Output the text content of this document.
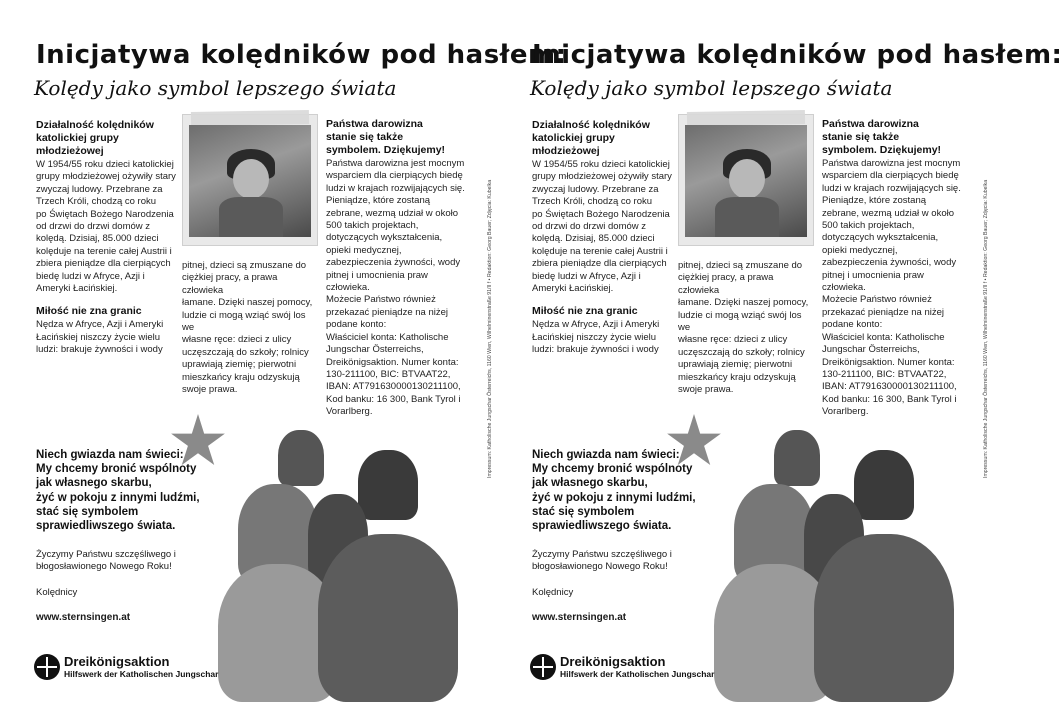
Inicjatywa kolędników pod hasłem:
Kolędy jako symbol lepszego świata
Działalność kolędników
katolickiej grupy
młodzieżowej
W 1954/55 roku dzieci katolickiej
grupy młodzieżowej ożywiły stary
zwyczaj ludowy. Przebrane za
Trzech Króli, chodzą co roku
po Świętach Bożego Narodzenia
od drzwi do drzwi domów z
kolędą. Dzisiaj, 85.000 dzieci
kolęduje na terenie całej Austrii i
zbiera pieniądze dla cierpiących
biedę ludzi w Afryce, Azji i
Ameryki Łacińskiej.
Miłość nie zna granic
Nędza w Afryce, Azji i Ameryki
Łacińskiej niszczy życie wielu
ludzi: brakuje żywności i wody
pitnej, dzieci są zmuszane do
ciężkiej pracy, a prawa człowieka
łamane. Dzięki naszej pomocy,
ludzie ci mogą wziąć swój los we
własne ręce: dzieci z ulicy
uczęszczają do szkoły; rolnicy
uprawiają ziemię; pierwotni
mieszkańcy kraju odzyskują
swoje prawa.
Państwa darowizna
stanie się także
symbolem. Dziękujemy!
Państwa darowizna jest mocnym
wsparciem dla cierpiących biedę
ludzi w krajach rozwijających się.
Pieniądze, które zostaną
zebrane, wezmą udział w około
500 takich projektach,
dotyczących wykształcenia,
opieki medycznej,
zabezpieczenia żywności, wody
pitnej i umocnienia praw
człowieka.
Możecie Państwo również
przekazać pieniądze na niżej
podane konto:
Właściciel konta: Katholische
Jungschar Österreichs,
Dreikönigsaktion. Numer konta:
130-211100, BIC: BTVAAT22,
IBAN: AT791630000130211100,
Kod banku: 16 300, Bank Tyrol i
Vorarlberg.	Impressum: Katholische Jungschar Österreichs, 1160 Wien, Wilhelminenstraße 91/II f • Redaktion: Georg Bauer; Zdjęcia: Kubelka
Niech gwiazda nam świeci:
My chcemy bronić wspólnoty
jak własnego skarbu,
żyć w pokoju z innymi ludźmi,
stać się symbolem
sprawiedliwszego świata.
Życzymy Państwu szczęśliwego i
błogosławionego Nowego Roku!
Kolędnicy
www.sternsingen.at
Dreikönigsaktion
Hilfswerk der Katholischen Jungschar
Inicjatywa kolędników pod hasłem:
Kolędy jako symbol lepszego świata
Działalność kolędników
katolickiej grupy
młodzieżowej
W 1954/55 roku dzieci katolickiej
grupy młodzieżowej ożywiły stary
zwyczaj ludowy. Przebrane za
Trzech Króli, chodzą co roku
po Świętach Bożego Narodzenia
od drzwi do drzwi domów z
kolędą. Dzisiaj, 85.000 dzieci
kolęduje na terenie całej Austrii i
zbiera pieniądze dla cierpiących
biedę ludzi w Afryce, Azji i
Ameryki Łacińskiej.
Miłość nie zna granic
Nędza w Afryce, Azji i Ameryki
Łacińskiej niszczy życie wielu
ludzi: brakuje żywności i wody
pitnej, dzieci są zmuszane do
ciężkiej pracy, a prawa człowieka
łamane. Dzięki naszej pomocy,
ludzie ci mogą wziąć swój los we
własne ręce: dzieci z ulicy
uczęszczają do szkoły; rolnicy
uprawiają ziemię; pierwotni
mieszkańcy kraju odzyskują
swoje prawa.
Państwa darowizna
stanie się także
symbolem. Dziękujemy!
Państwa darowizna jest mocnym
wsparciem dla cierpiących biedę
ludzi w krajach rozwijających się.
Pieniądze, które zostaną
zebrane, wezmą udział w około
500 takich projektach,
dotyczących wykształcenia,
opieki medycznej,
zabezpieczenia żywności, wody
pitnej i umocnienia praw
człowieka.
Możecie Państwo również
przekazać pieniądze na niżej
podane konto:
Właściciel konta: Katholische
Jungschar Österreichs,
Dreikönigsaktion. Numer konta:
130-211100, BIC: BTVAAT22,
IBAN: AT791630000130211100,
Kod banku: 16 300, Bank Tyrol i
Vorarlberg.	Impressum: Katholische Jungschar Österreichs, 1160 Wien, Wilhelminenstraße 91/II f • Redaktion: Georg Bauer; Zdjęcia: Kubelka
Niech gwiazda nam świeci:
My chcemy bronić wspólnoty
jak własnego skarbu,
żyć w pokoju z innymi ludźmi,
stać się symbolem
sprawiedliwszego świata.
Życzymy Państwu szczęśliwego i
błogosławionego Nowego Roku!
Kolędnicy
www.sternsingen.at
Dreikönigsaktion
Hilfswerk der Katholischen Jungschar
